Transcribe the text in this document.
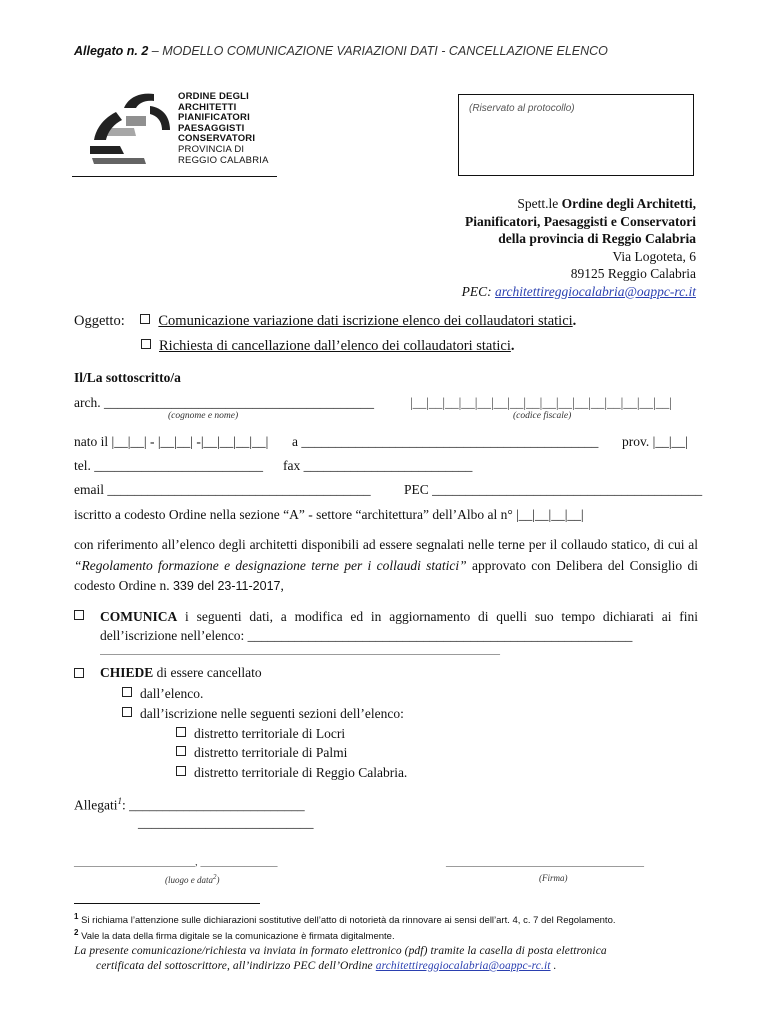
Allegato n. 2 – MODELLO COMUNICAZIONE VARIAZIONI DATI - CANCELLAZIONE ELENCO
ORDINE DEGLI
ARCHITETTI
PIANIFICATORI
PAESAGGISTI
CONSERVATORI
PROVINCIA DI
REGGIO CALABRIA
(Riservato al protocollo)
Spett.le Ordine degli Architetti,
Pianificatori, Paesaggisti e Conservatori
della provincia di Reggio Calabria
Via Logoteta, 6
89125 Reggio Calabria
PEC: architettireggiocalabria@oappc-rc.it
Oggetto: Comunicazione variazione dati iscrizione elenco dei collaudatori statici.
Richiesta di cancellazione dall’elenco dei collaudatori statici.
Il/La sottoscritto/a
arch. ________________________________________	|__|__|__|__|__|__|__|__|__|__|__|__|__|__|__|__|
(cognome e nome)	(codice fiscale)
nato il |__|__| - |__|__| -|__|__|__|__| a ____________________________________________ prov. |__|__|
tel. _________________________ fax _________________________
email _______________________________________ PEC ________________________________________
iscritto a codesto Ordine nella sezione “A” - settore “architettura” dell’Albo al n° |__|__|__|__|
con riferimento all’elenco degli architetti disponibili ad essere segnalati nelle terne per il collaudo statico, di cui al “Regolamento formazione e designazione terne per i collaudi statici” approvato con Delibera del Consiglio di codesto Ordine n. 339 del 23-11-2017,
COMUNICA i seguenti dati, a modifica ed in aggiornamento di quelli suo tempo dichiarati ai fini dell’iscrizione nell’elenco: _________________________________________________________
________________________________________________________________________________
CHIEDE di essere cancellato
dall’elenco.
dall’iscrizione nelle seguenti sezioni dell’elenco:
distretto territoriale di Locri
distretto territoriale di Palmi
distretto territoriale di Reggio Calabria.
Allegati$^1$: __________________________
__________________________
______________________, ______________
(luogo e data$^2$)
____________________________________
(Firma)
$^1$ Si richiama l’attenzione sulle dichiarazioni sostitutive dell’atto di notorietà da rinnovare ai sensi dell’art. 4, c. 7 del Regolamento.
$^2$ Vale la data della firma digitale se la comunicazione è firmata digitalmente.
La presente comunicazione/richiesta va inviata in formato elettronico (pdf) tramite la casella di posta elettronica
certificata del sottoscrittore, all’indirizzo PEC dell’Ordine architettireggiocalabria@oappc-rc.it .
